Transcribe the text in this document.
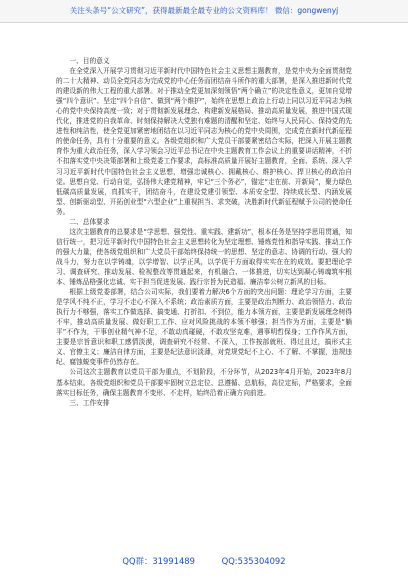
关注头条号“公文研究”，获得最新最全最专业的公文资料库！ 微信：gongwenyj
一、目的意义

在全党深入开展学习贯彻习近平新时代中国特色社会主义思想主题教育，是党中央为全面贯彻党的二十大精神、动员全党同志为完成党的中心任务而团结奋斗所作的重大部署，是深入推进新时代党的建设新的伟大工程的重大部署。对于推动全党更加深刻领悟“两个确立”的决定性意义，更加自觉增强“四个意识”、坚定“四个自信”、做到“两个维护”，始终在思想上政治上行动上同以习近平同志为核心的党中央保持高度一致；对于贯彻新发展理念、构建新发展格局、推动高质量发展，推进中国式现代化，推进党的自我革命、时刻保持解决大党独有难题的清醒和坚定、始终与人民同心、保持党的先进性和纯洁性，使全党更加紧密地团结在以习近平同志为核心的党中央周围，完成党在新时代新征程的使命任务，具有十分重要的意义。各级党组织和广大党员干部要紧密结合实际，把深入开展主题教育作为重大政治任务，深入学习领会习近平总书记在中央主题教育工作会议上的重要讲话精神，不折不扣落实党中央决策部署和上级党委工作要求，高标准高质量开展好主题教育，全面、系统、深入学习习近平新时代中国特色社会主义思想，增强忠诚核心、拥戴核心、维护核心、捍卫核心的政治自觉。思想自觉、行动自觉，弘扬伟大建党精神，牢记“三个务必”，锚定“走在前、开新局”，聚力绿色低碳高质量发展，真抓实干，团结奋斗，在建设党建引领型、本质安全型、持续成长型、内涵发展型、创新驱动型、开拓创业型“六型企业”上重视担当、求突破，决胜新时代新征程赋予公司的使命任务。

二、总体要求

这次主题教育的总要求是“学思想、强党性、重实践、建新功”，根本任务是坚持学思用贯通，知信行统一，把习近平新时代中国特色社会主义思想转化为坚定理想、锤炼党性和指导实践、推动工作的强大力量，使各级党组织和广大党员干部始终保持统一的思想、坚定的意志、协调的行动、强大的战斗力，努力在以学铸魂，以学增智、以学正风，以学促干方面取得实实在在的成效。要把理论学习、调查研究、推动发展、检视整改等贯通起来，有机融合、一体推进，切实达到凝心铸魂筑牢根本、锤炼品格强化忠诚、实干担当促进发展、践行宗旨为民造福、廉洁奉公树立新风的目标。

根据上级党委部署，结合公司实际，我们要着力解决6个方面的突出问题：理论学习方面，主要是学风不纯不正，学习不走心不深入不系统；政治素质方面，主要是政治判断力、政治领悟力、政治执行力不够强，落实工作做选择、搞变通、打折扣、不到位，能力本领方面，主要是新发展理念树得不牢，推动高质量发展、做好职工工作、应对风险挑战的本领不够强；担当作为方面，主要是“躺平”不作为，干事创业精气神不足，不敢动真碰硬，不敢攻坚克难，遇事明哲保身；工作作风方面，主要是宗旨意识和职工感情淡漠，调查研究不经常、不深入，工作按部就班、得过且过，搞形式主义、官僚主义；廉洁自律方面，主要是纪法意识淡薄，对党规党纪不上心、不了解、不掌握，违规违纪、腐蚀蜕变事件仍然存在。

公司这次主题教育以党员干部为重点，不划阶段，不分环节，从2023年4月开始，2023年8月基本结束。各级党组织和党员干部要牢固树立总定位、总遵循、总航标，高位定标，严格要求，全面落实目标任务，确保主题教育不变形、不走样，始终沿着正确方向前进。

三、工作安排
QQ群：31991489	QQ:535304092
